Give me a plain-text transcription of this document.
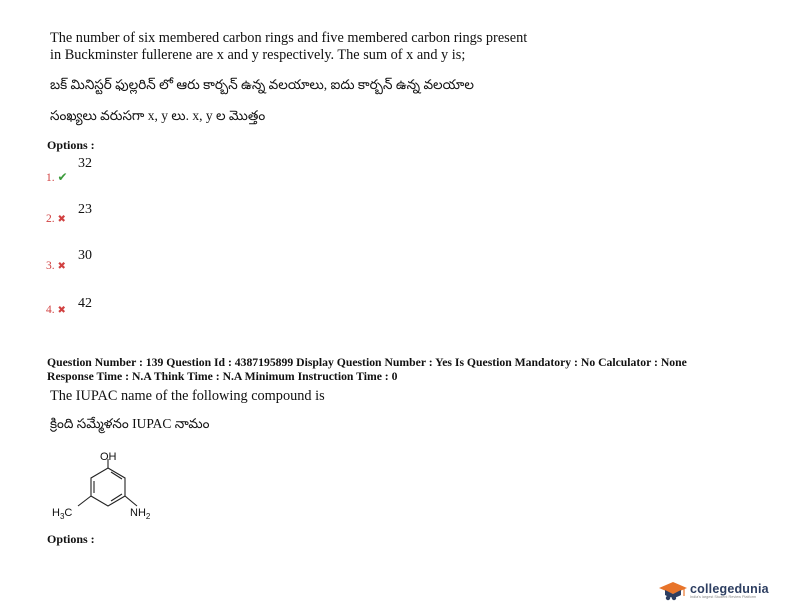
The number of six membered carbon rings and five membered carbon rings present
in Buckminster fullerene are x and y respectively. The sum of x and y is;
బక్ మినిస్టర్ ఫుల్లరిన్ లో ఆరు కార్బన్ ఉన్న వలయాలు, ఐదు కార్బన్ ఉన్న వలయాల
సంఖ్యలు వరుసగా x, y లు. x, y ల మొత్తం
Options :
32
1. ✔
23
2. ✖
30
3. ✖
42
4. ✖
Question Number : 139 Question Id : 4387195899 Display Question Number : Yes Is Question Mandatory : No Calculator : None
Response Time : N.A Think Time : N.A Minimum Instruction Time : 0
The IUPAC name of the following compound is
క్రింది సమ్మేళనం IUPAC నామం
OH
$H_3C$	$NH_2$
Options :
collegedunia
India's largest Student Review Platform
